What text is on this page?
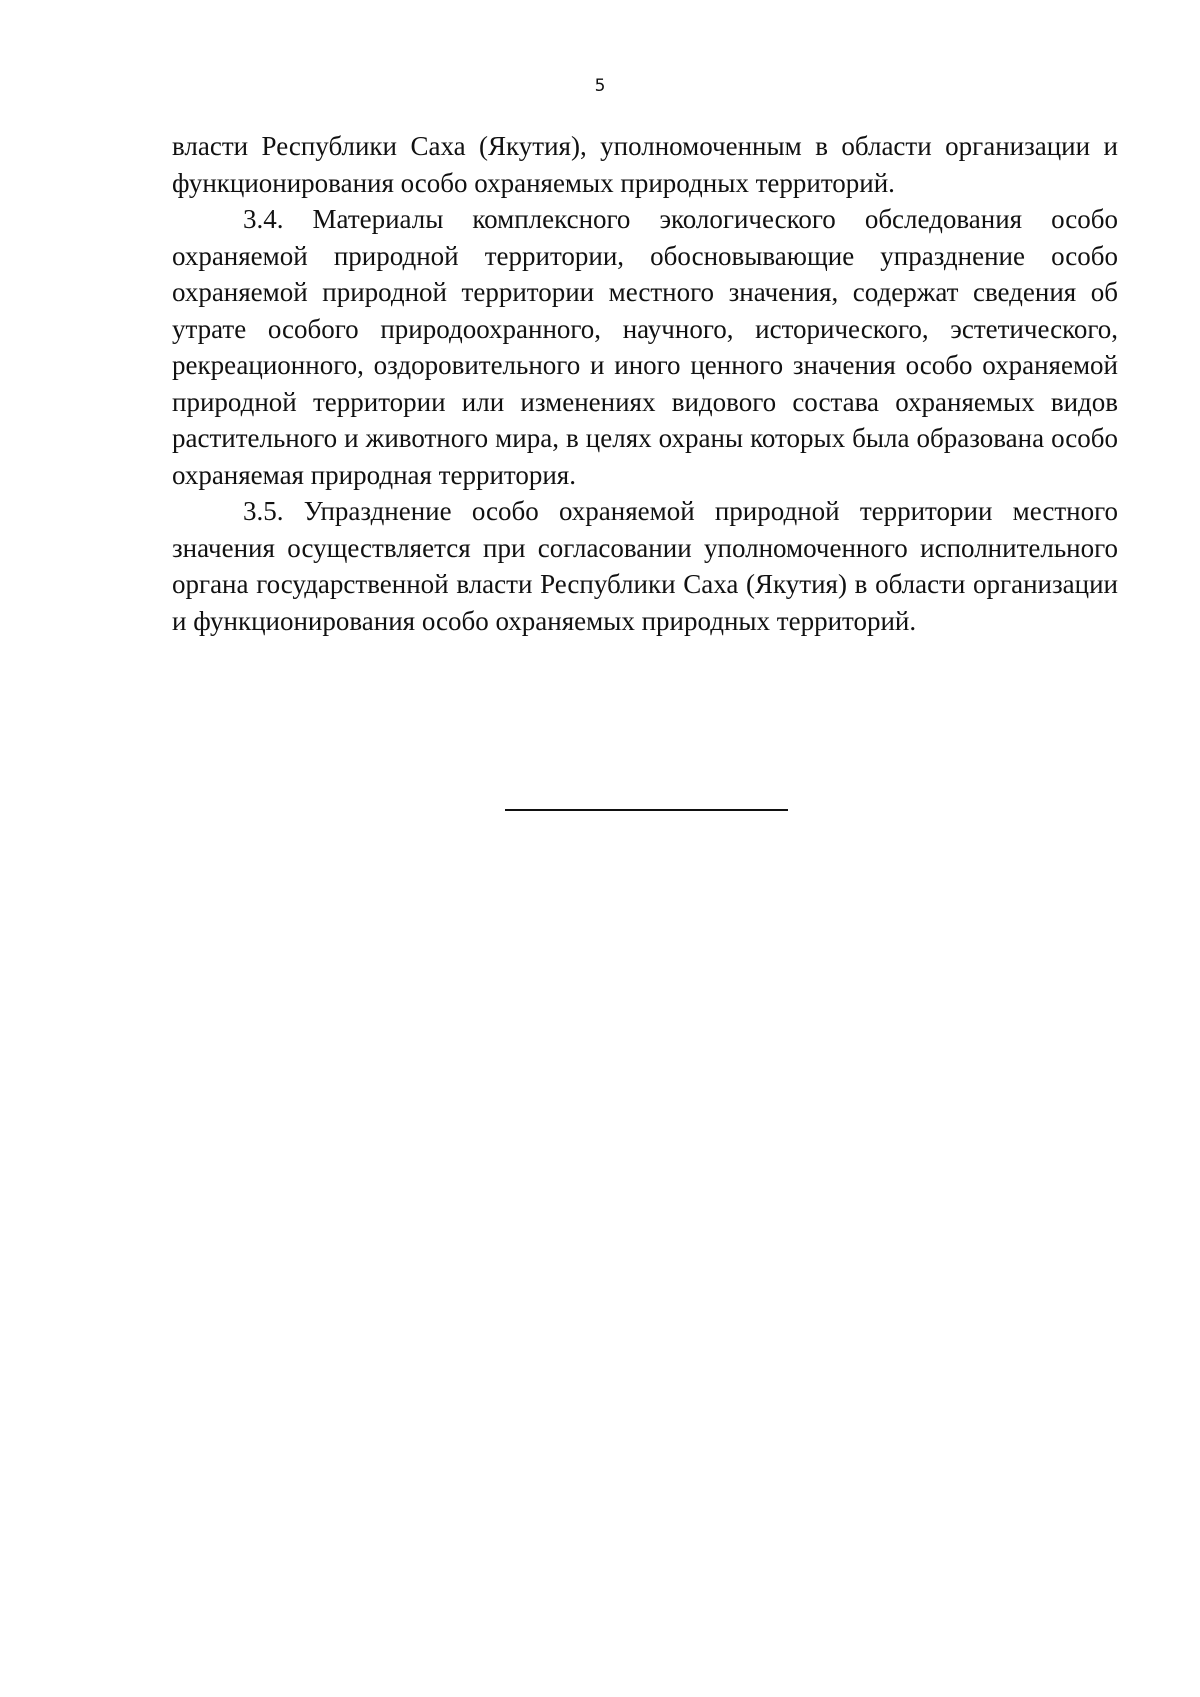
5

власти Республики Саха (Якутия), уполномоченным в области организации и функционирования особо охраняемых природных территорий.

3.4. Материалы комплексного экологического обследования особо охраняемой природной территории, обосновывающие упразднение особо охраняемой природной территории местного значения, содержат сведения об утрате особого природоохранного, научного, исторического, эстетического, рекреационного, оздоровительного и иного ценного значения особо охраняемой природной территории или изменениях видового состава охраняемых видов растительного и животного мира, в целях охраны которых была образована особо охраняемая природная территория.

3.5. Упразднение особо охраняемой природной территории местного значения осуществляется при согласовании уполномоченного исполнительного органа государственной власти Республики Саха (Якутия) в области организации и функционирования особо охраняемых природных территорий.
